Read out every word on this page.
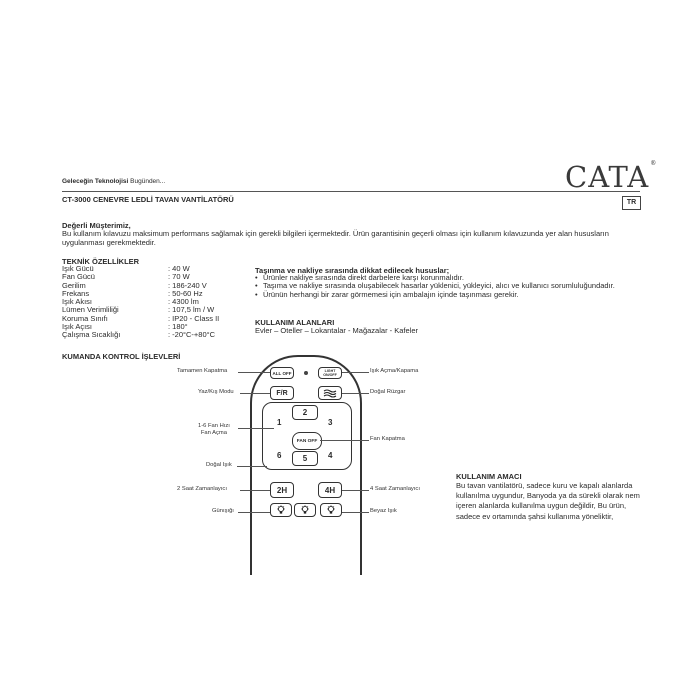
Geleceğin Teknolojisi Bugünden...	CATA®
CT-3000 CENEVRE LEDLİ TAVAN VANTİLATÖRÜ	TR
Değerli Müşterimiz,
Bu kullanım kılavuzu maksimum performans sağlamak için gerekli bilgileri içermektedir. Ürün garantisinin geçerli olması için kullanım kılavuzunda yer alan hususların uygulanması gerekmektedir.
TEKNİK ÖZELLİKLER
Işık Gücü	: 40 W
Fan Gücü	: 70 W
Gerilim	: 186-240 V
Frekans	: 50-60 Hz
Işık Akısı	: 4300 lm
Lümen Verimliliği	: 107,5 lm / W
Koruma Sınıfı	: IP20 - Class II
Işık Açısı	: 180°
Çalışma Sıcaklığı	: -20°C-+80°C
Taşınma ve nakliye sırasında dikkat edilecek hususlar;
• Ürünler nakliye sırasında direkt darbelere karşı korunmalıdır.
• Taşıma ve nakliye sırasında oluşabilecek hasarlar yüklenici, yükleyici, alıcı ve kullanıcı sorumluluğundadır.
• Ürünün herhangi bir zarar görmemesi için ambalajın içinde taşınması gerekir.
KULLANIM ALANLARI
Evler – Oteller – Lokantalar - Mağazalar - Kafeler
KUMANDA KONTROL İŞLEVLERİ
ALL OFF	LIGHT ON/OFF
F/R
2
5
1	3
6	4
FAN OFF
2H	4H
Tamamen Kapatma	Işık Açma/Kapama
Yaz/Kış Modu	Doğal Rüzgar
1-6 Fan Hızı
Fan Açma
Fan Kapatma
Doğal Işık
2 Saat Zamanlayıcı	4 Saat Zamanlayıcı
Günışığı	Beyaz Işık
KULLANIM AMACI
Bu tavan vantilatörü, sadece kuru ve kapalı alanlarda kullanılma uygundur, Banyoda ya da sürekli olarak nem içeren alanlarda kullanılma uygun değildir, Bu ürün, sadece ev ortamında şahsi kullanıma yöneliktir,
